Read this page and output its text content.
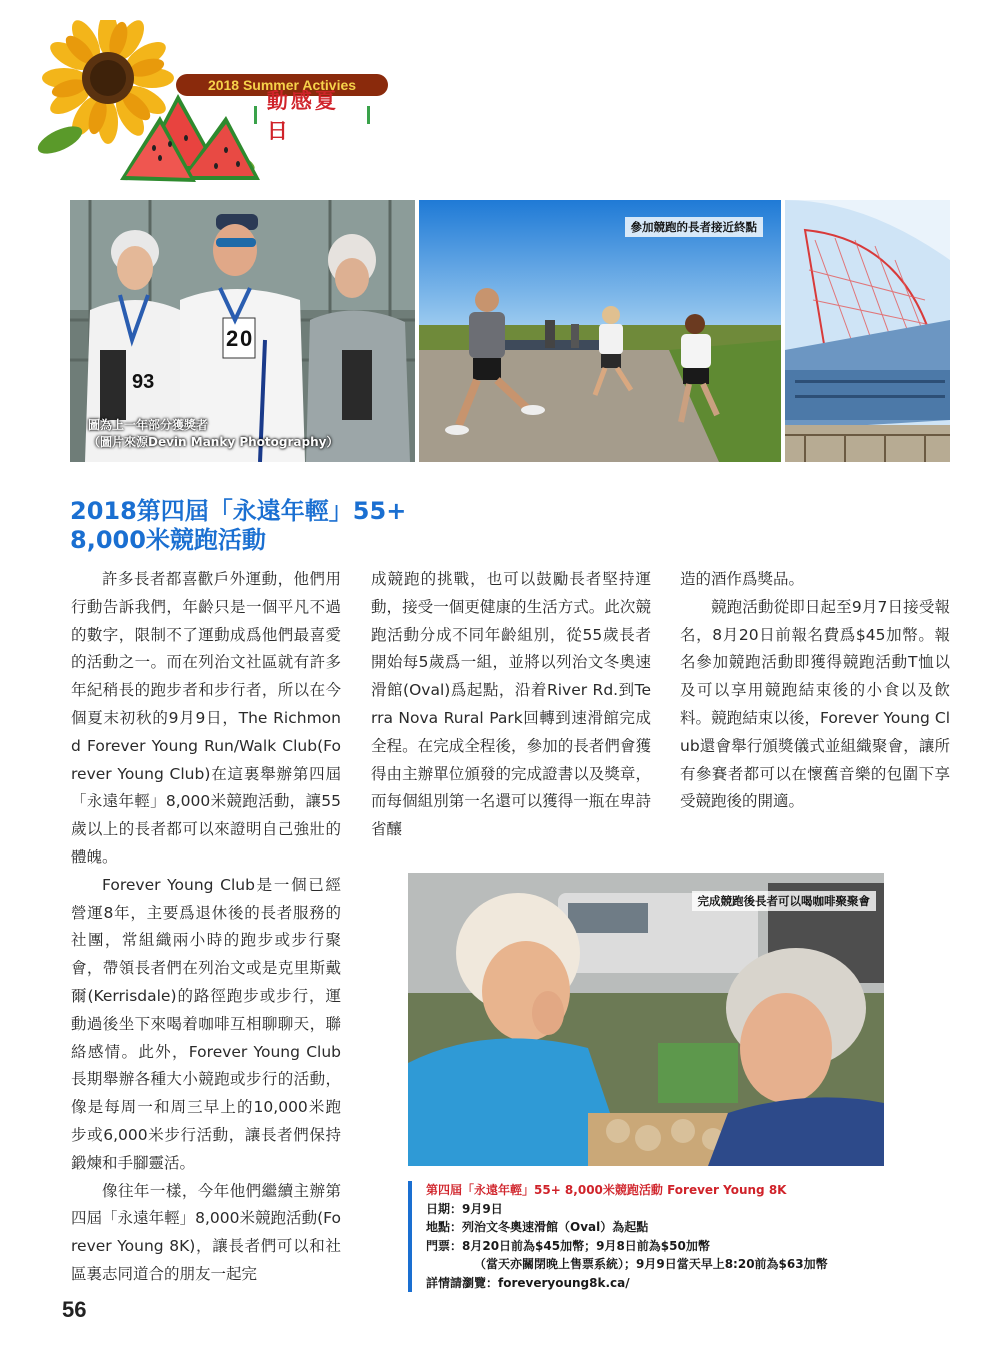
2018 Summer Activies
動感夏日
93
2 0
圖為上一年部分獲獎者
（圖片來源Devin Manky Photography）
參加競跑的長者接近終點
2018第四屆「永遠年輕」55+
8,000米競跑活動

許多長者都喜歡戶外運動，他們用行動告訴我們，年齡只是一個平凡不過的數字，限制不了運動成爲他們最喜愛的活動之一。而在列治文社區就有許多年紀稍長的跑步者和步行者，所以在今個夏末初秋的9月9日，The Richmond Forever Young Run/Walk Club(Forever Young Club)在這裏舉辦第四屆「永遠年輕」8,000米競跑活動，讓55歲以上的長者都可以來證明自己強壯的體魄。

Forever Young Club是一個已經營運8年，主要爲退休後的長者服務的社團，常組織兩小時的跑步或步行聚會，帶領長者們在列治文或是克里斯戴爾(Kerrisdale)的路徑跑步或步行，運動過後坐下來喝着咖啡互相聊聊天，聯絡感情。此外，Forever Young Club長期舉辦各種大小競跑或步行的活動，像是每周一和周三早上的10,000米跑步或6,000米步行活動，讓長者們保持鍛煉和手腳靈活。

像往年一樣，今年他們繼續主辦第四屆「永遠年輕」8,000米競跑活動(Forever Young 8K)，讓長者們可以和社區裏志同道合的朋友一起完

成競跑的挑戰，也可以鼓勵長者堅持運動，接受一個更健康的生活方式。此次競跑活動分成不同年齡組別，從55歲長者開始每5歲爲一組，並將以列治文冬奧速滑館(Oval)爲起點，沿着River Rd.到Terra Nova Rural Park回轉到速滑館完成全程。在完成全程後，參加的長者們會獲得由主辦單位頒發的完成證書以及獎章，而每個組別第一名還可以獲得一瓶在卑詩省釀

造的酒作爲獎品。

競跑活動從即日起至9月7日接受報名，8月20日前報名費爲$45加幣。報名參加競跑活動即獲得競跑活動T恤以及可以享用競跑結束後的小食以及飲料。競跑結束以後，Forever Young Club還會舉行頒獎儀式並組織聚會，讓所有參賽者都可以在懷舊音樂的包圍下享受競跑後的開適。

完成競跑後長者可以喝咖啡聚聚會
第四屆「永遠年輕」55+ 8,000米競跑活動 Forever Young 8K
日期：9月9日
地點：列治文冬奧速滑館（Oval）為起點
門票：8月20日前為$45加幣；9月8日前為$50加幣
（當天亦關閉晚上售票系統）；9月9日當天早上8:20前為$63加幣
詳情請瀏覽：foreveryoung8k.ca/
56
